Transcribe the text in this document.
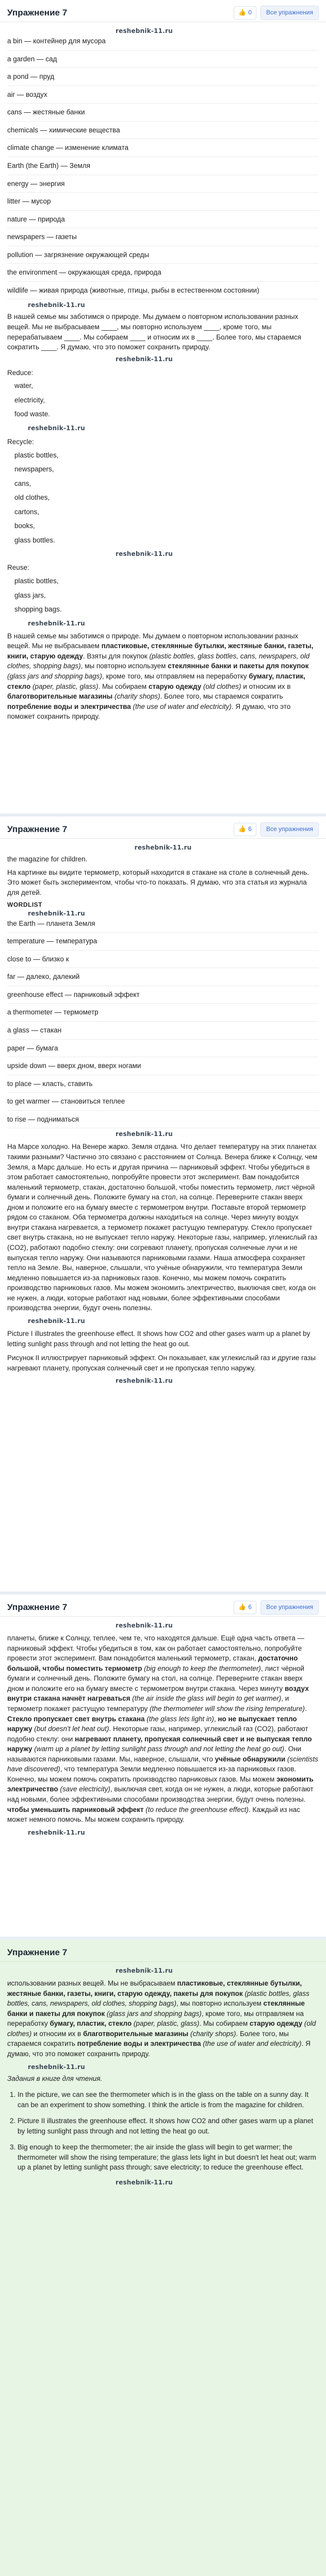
Упражнение 7	👍 0	Все упражнения
reshebnik-11.ru
a bin — контейнер для мусора
a garden — сад
a pond — пруд
air — воздух
cans — жестяные банки
chemicals — химические вещества
climate change — изменение климата
Earth (the Earth) — Земля
energy — энергия
litter — мусор
nature — природа
newspapers — газеты
pollution — загрязнение окружающей среды
the environment — окружающая среда, природа
wildlife — живая природа (животные, птицы, рыбы в естественном состоянии)
reshebnik-11.ru

В нашей семье мы заботимся о природе. Мы думаем о повторном использовании разных вещей. Мы не выбрасываем ____, мы повторно используем ____, кроме того, мы перерабатываем ____. Мы собираем ____ и относим их в ____. Более того, мы стараемся сократить ____. Я думаю, что это поможет сохранить природу.

reshebnik-11.ru
Reduce:
water,
electricity,
food waste.
reshebnik-11.ru
Recycle:
plastic bottles,
newspapers,
cans,
old clothes,
cartons,
books,
glass bottles.
reshebnik-11.ru
Reuse:
plastic bottles,
glass jars,
shopping bags.
reshebnik-11.ru

В нашей семье мы заботимся о природе. Мы думаем о повторном использовании разных вещей. Мы не выбрасываем пластиковые, стеклянные бутылки, жестяные банки, газеты, книги, старую одежду. Взяты для покупок (plastic bottles, glass bottles, cans, newspapers, old clothes, shopping bags), мы повторно используем стеклянные банки и пакеты для покупок (glass jars and shopping bags), кроме того, мы отправляем на переработку бумагу, пластик, стекло (paper, plastic, glass). Мы собираем старую одежду (old clothes) и относим их в благотворительные магазины (charity shops). Более того, мы стараемся сократить потребление воды и электричества (the use of water and electricity). Я думаю, что это поможет сохранить природу.

Упражнение 7	👍 6	Все упражнения
reshebnik-11.ru

the magazine for children.

На картинке вы видите термометр, который находится в стакане на столе в солнечный день. Это может быть экспериментом, чтобы что-то показать. Я думаю, что эта статья из журнала для детей.

WORDLIST
reshebnik-11.ru
the Earth — планета Земля
temperature — температура
close to — близко к
far — далеко, далекий
greenhouse effect — парниковый эффект
a thermometer — термометр
a glass — стакан
paper — бумага
upside down — вверх дном, вверх ногами
to place — класть, ставить
to get warmer — становиться теплее
to rise — подниматься
reshebnik-11.ru

На Марсе холодно. На Венере жарко. Земля отдана. Что делает температуру на этих планетах такими разными? Частично это связано с расстоянием от Солнца. Венера ближе к Солнцу, чем Земля, а Марс дальше. Но есть и другая причина — парниковый эффект. Чтобы убедиться в этом работает самостоятельно, попробуйте провести этот эксперимент. Вам понадобится маленький термометр, стакан, достаточно большой, чтобы поместить термометр, лист чёрной бумаги и солнечный день. Положите бумагу на стол, на солнце. Переверните стакан вверх дном и положите его на бумагу вместе с термометром внутри. Поставьте второй термометр рядом со стаканом. Оба термометра должны находиться на солнце. Через минуту воздух внутри стакана нагревается, а термометр покажет растущую температуру. Стекло пропускает свет внутрь стакана, но не выпускает тепло наружу. Некоторые газы, например, углекислый газ (CO2), работают подобно стеклу: они согревают планету, пропуская солнечные лучи и не выпуская тепло наружу. Они называются парниковыми газами. Наша атмосфера сохраняет тепло на Земле. Вы, наверное, слышали, что учёные обнаружили, что температура Земли медленно повышается из-за парниковых газов. Конечно, мы можем помочь сократить производство парниковых газов. Мы можем экономить электричество, выключая свет, когда он не нужен, а люди, которые работают над новыми, более эффективными способами производства энергии, будут очень полезны.

reshebnik-11.ru

Picture I illustrates the greenhouse effect. It shows how CO2 and other gases warm up a planet by letting sunlight pass through and not letting the heat go out.

Рисунок II иллюстрирует парниковый эффект. Он показывает, как углекислый газ и другие газы нагревают планету, пропуская солнечный свет и не пропуская тепло наружу.

reshebnik-11.ru
Упражнение 7	👍 6	Все упражнения
reshebnik-11.ru

планеты, ближе к Солнцу, теплее, чем те, что находятся дальше. Ещё одна часть ответа — парниковый эффект. Чтобы убедиться в том, как он работает самостоятельно, попробуйте провести этот эксперимент. Вам понадобится маленький термометр, стакан, достаточно большой, чтобы поместить термометр (big enough to keep the thermometer), лист чёрной бумаги и солнечный день. Положите бумагу на стол, на солнце. Переверните стакан вверх дном и положите его на бумагу вместе с термометром внутри стакана. Через минуту воздух внутри стакана начнёт нагреваться (the air inside the glass will begin to get warmer), и термометр покажет растущую температуру (the thermometer will show the rising temperature). Стекло пропускает свет внутрь стакана (the glass lets light in), но не выпускает тепло наружу (but doesn't let heat out). Некоторые газы, например, углекислый газ (CO2), работают подобно стеклу: они нагревают планету, пропуская солнечный свет и не выпуская тепло наружу (warm up a planet by letting sunlight pass through and not letting the heat go out). Они называются парниковыми газами. Мы, наверное, слышали, что учёные обнаружили (scientists have discovered), что температура Земли медленно повышается из-за парниковых газов. Конечно, мы можем помочь сократить производство парниковых газов. Мы можем экономить электричество (save electricity), выключая свет, когда он не нужен, а люди, которые работают над новыми, более эффективными способами производства энергии, будут очень полезны. чтобы уменьшить парниковый эффект (to reduce the greenhouse effect). Каждый из нас может немного помочь. Мы можем сохранить природу.

reshebnik-11.ru
Упражнение 7
reshebnik-11.ru

использовании разных вещей. Мы не выбрасываем пластиковые, стеклянные бутылки, жестяные банки, газеты, книги, старую одежду, пакеты для покупок (plastic bottles, glass bottles, cans, newspapers, old clothes, shopping bags), мы повторно используем стеклянные банки и пакеты для покупок (glass jars and shopping bags), кроме того, мы отправляем на переработку бумагу, пластик, стекло (paper, plastic, glass). Мы собираем старую одежду (old clothes) и относим их в благотворительные магазины (charity shops). Более того, мы стараемся сократить потребление воды и электричества (the use of water and electricity). Я думаю, что это поможет сохранить природу.

reshebnik-11.ru

Задания в книге для чтения.

1. In the picture, we can see the thermometer which is in the glass on the table on a sunny day. It can be an experiment to show something. I think the article is from the magazine for children.
2. Picture II illustrates the greenhouse effect. It shows how CO2 and other gases warm up a planet by letting sunlight pass through and not letting the heat go out.
3. Big enough to keep the thermometer; the air inside the glass will begin to get warmer; the thermometer will show the rising temperature; the glass lets light in but doesn't let heat out; warm up a planet by letting sunlight pass through; save electricity; to reduce the greenhouse effect.
reshebnik-11.ru
